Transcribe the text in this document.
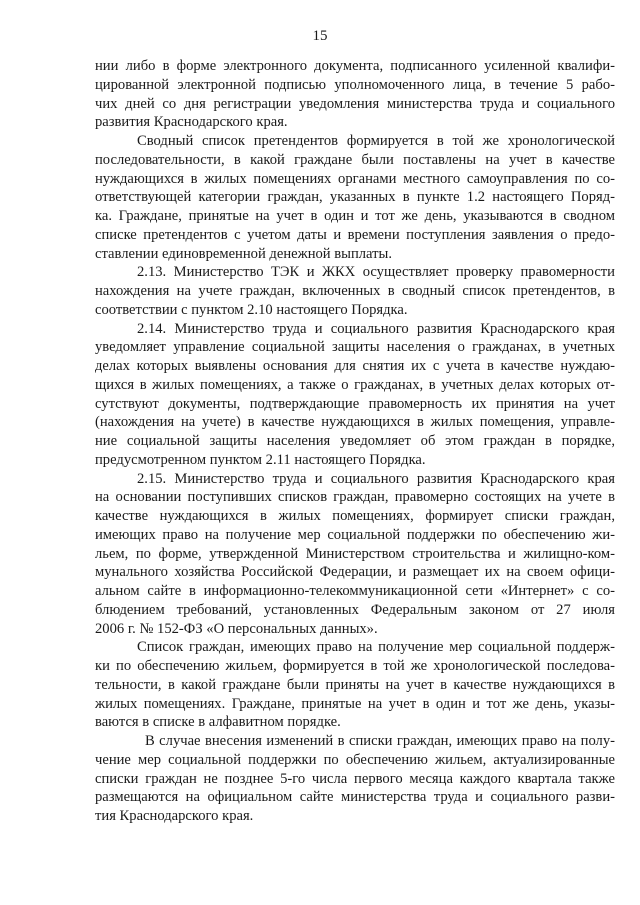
15
нии либо в форме электронного документа, подписанного усиленной квалифи-
цированной электронной подписью уполномоченного лица, в течение 5 рабо-
чих дней со дня регистрации уведомления министерства труда и социального
развития Краснодарского края.
Сводный список претендентов формируется в той же хронологической
последовательности, в какой граждане были поставлены на учет в качестве
нуждающихся в жилых помещениях органами местного самоуправления по со-
ответствующей категории граждан, указанных в пункте 1.2 настоящего Поряд-
ка. Граждане, принятые на учет в один и тот же день, указываются в сводном
списке претендентов с учетом даты и времени поступления заявления о предо-
ставлении единовременной денежной выплаты.
2.13. Министерство ТЭК и ЖКХ осуществляет проверку правомерности
нахождения на учете граждан, включенных в сводный список претендентов, в
соответствии с пунктом 2.10 настоящего Порядка.
2.14. Министерство труда и социального развития Краснодарского края
уведомляет управление социальной защиты населения о гражданах, в учетных
делах которых выявлены основания для снятия их с учета в качестве нуждаю-
щихся в жилых помещениях, а также о гражданах, в учетных делах которых от-
сутствуют документы, подтверждающие правомерность их принятия на учет
(нахождения на учете) в качестве нуждающихся в жилых помещения, управле-
ние социальной защиты населения уведомляет об этом граждан в порядке,
предусмотренном пунктом 2.11 настоящего Порядка.
2.15. Министерство труда и социального развития Краснодарского края
на основании поступивших списков граждан, правомерно состоящих на учете в
качестве нуждающихся в жилых помещениях, формирует списки граждан,
имеющих право на получение мер социальной поддержки по обеспечению жи-
льем, по форме, утвержденной Министерством строительства и жилищно-ком-
мунального хозяйства Российской Федерации, и размещает их на своем офици-
альном сайте в информационно-телекоммуникационной сети «Интернет» с со-
блюдением требований, установленных Федеральным законом от 27 июля
2006 г. № 152-ФЗ «О персональных данных».
Список граждан, имеющих право на получение мер социальной поддерж-
ки по обеспечению жильем, формируется в той же хронологической последова-
тельности, в какой граждане были приняты на учет в качестве нуждающихся в
жилых помещениях. Граждане, принятые на учет в один и тот же день, указы-
ваются в списке в алфавитном порядке.
В случае внесения изменений в списки граждан, имеющих право на полу-
чение мер социальной поддержки по обеспечению жильем, актуализированные
списки граждан не позднее 5-го числа первого месяца каждого квартала также
размещаются на официальном сайте министерства труда и социального разви-
тия Краснодарского края.
